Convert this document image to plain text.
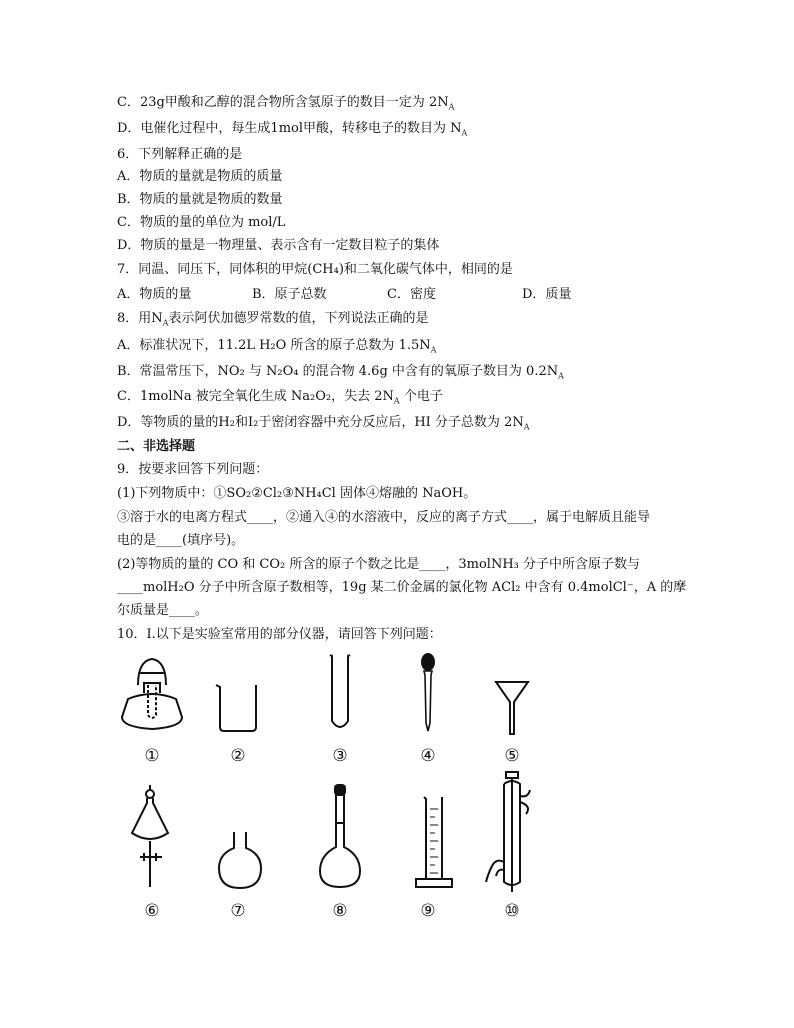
C．23g甲酸和乙醇的混合物所含氢原子的数目一定为 $2N_A$
D．电催化过程中，每生成1mol甲酸，转移电子的数目为 $N_A$
6．下列解释正确的是
A．物质的量就是物质的质量
B．物质的量就是物质的数量
C．物质的量的单位为 mol/L
D．物质的量是一物理量、表示含有一定数目粒子的集体
7．同温、同压下，同体积的甲烷(CH₄)和二氧化碳气体中，相同的是
A．物质的量	B．原子总数	C．密度	D．质量
8．用$N_A$表示阿伏加德罗常数的值，下列说法正确的是
A．标准状况下，11.2L H₂O 所含的原子总数为 $1.5N_A$
B．常温常压下，NO₂ 与 N₂O₄ 的混合物 4.6g 中含有的氧原子数目为 $0.2N_A$
C．1molNa 被完全氧化生成 Na₂O₂，失去 $2N_A$ 个电子
D．等物质的量的H₂和I₂于密闭容器中充分反应后，HI 分子总数为 $2N_A$
二、非选择题
9．按要求回答下列问题：
(1)下列物质中：①SO₂②Cl₂③NH₄Cl 固体④熔融的 NaOH。
③溶于水的电离方程式____，②通入④的水溶液中，反应的离子方式____，属于电解质且能导
电的是____(填序号)。
(2)等物质的量的 CO 和 CO₂ 所含的原子个数之比是____，3molNH₃ 分子中所含原子数与
____molH₂O 分子中所含原子数相等，19g 某二价金属的氯化物 ACl₂ 中含有 0.4molCl⁻，A 的摩
尔质量是____。
10．I.以下是实验室常用的部分仪器，请回答下列问题：
①	②	③	④	⑤
⑥	⑦	⑧	⑨	⑩
